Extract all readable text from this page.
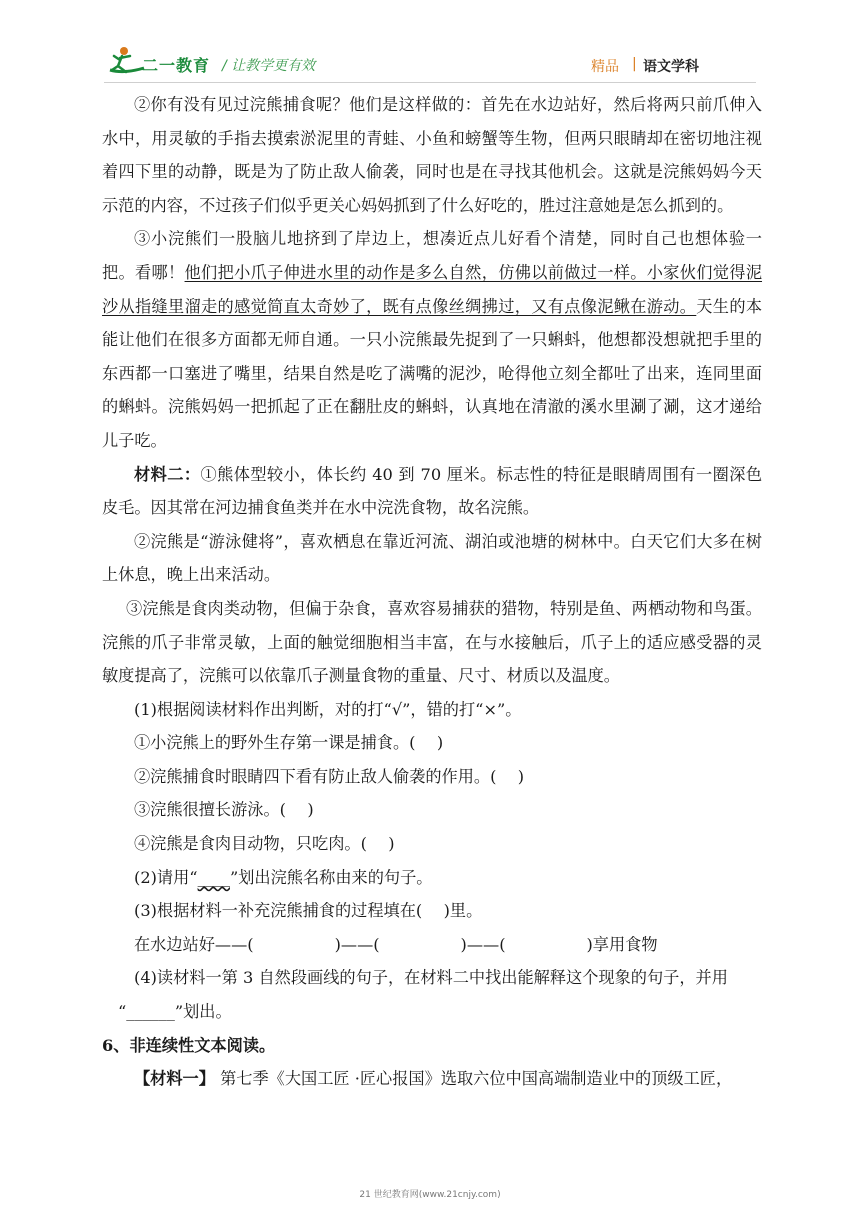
二一教育 / 让教学更有效	精品 | 语文学科

②你有没有见过浣熊捕食呢？他们是这样做的：首先在水边站好，然后将两只前爪伸入水中，用灵敏的手指去摸索淤泥里的青蛙、小鱼和螃蟹等生物，但两只眼睛却在密切地注视着四下里的动静，既是为了防止敌人偷袭，同时也是在寻找其他机会。这就是浣熊妈妈今天示范的内容，不过孩子们似乎更关心妈妈抓到了什么好吃的，胜过注意她是怎么抓到的。

③小浣熊们一股脑儿地挤到了岸边上，想凑近点儿好看个清楚，同时自己也想体验一把。看哪！他们把小爪子伸进水里的动作是多么自然，仿佛以前做过一样。小家伙们觉得泥沙从指缝里溜走的感觉简直太奇妙了，既有点像丝绸拂过，又有点像泥鳅在游动。天生的本能让他们在很多方面都无师自通。一只小浣熊最先捉到了一只蝌蚪，他想都没想就把手里的东西都一口塞进了嘴里，结果自然是吃了满嘴的泥沙，呛得他立刻全都吐了出来，连同里面的蝌蚪。浣熊妈妈一把抓起了正在翻肚皮的蝌蚪，认真地在清澈的溪水里涮了涮，这才递给儿子吃。

材料二：①熊体型较小，体长约 40 到 70 厘米。标志性的特征是眼睛周围有一圈深色皮毛。因其常在河边捕食鱼类并在水中浣洗食物，故名浣熊。

②浣熊是“游泳健将”，喜欢栖息在靠近河流、湖泊或池塘的树林中。白天它们大多在树上休息，晚上出来活动。

③浣熊是食肉类动物，但偏于杂食，喜欢容易捕获的猎物，特别是鱼、两栖动物和鸟蛋。浣熊的爪子非常灵敏，上面的触觉细胞相当丰富，在与水接触后，爪子上的适应感受器的灵敏度提高了，浣熊可以依靠爪子测量食物的重量、尺寸、材质以及温度。

(1)根据阅读材料作出判断，对的打“√”，错的打“×”。

①小浣熊上的野外生存第一课是捕食。(　 )

②浣熊捕食时眼睛四下看有防止敌人偷袭的作用。(　 )

③浣熊很擅长游泳。(　 )

④浣熊是食肉目动物，只吃肉。(　 )

(2)请用“____”划出浣熊名称由来的句子。

(3)根据材料一补充浣熊捕食的过程填在(　 )里。

在水边站好——(　　　　　)——(　　　　　)——(　　　　　)享用食物

(4)读材料一第 3 自然段画线的句子，在材料二中找出能解释这个现象的句子，并用

“______”划出。

6、非连续性文本阅读。

【材料一】 第七季《大国工匠 ·匠心报国》选取六位中国高端制造业中的顶级工匠，

21 世纪教育网(www.21cnjy.com)
